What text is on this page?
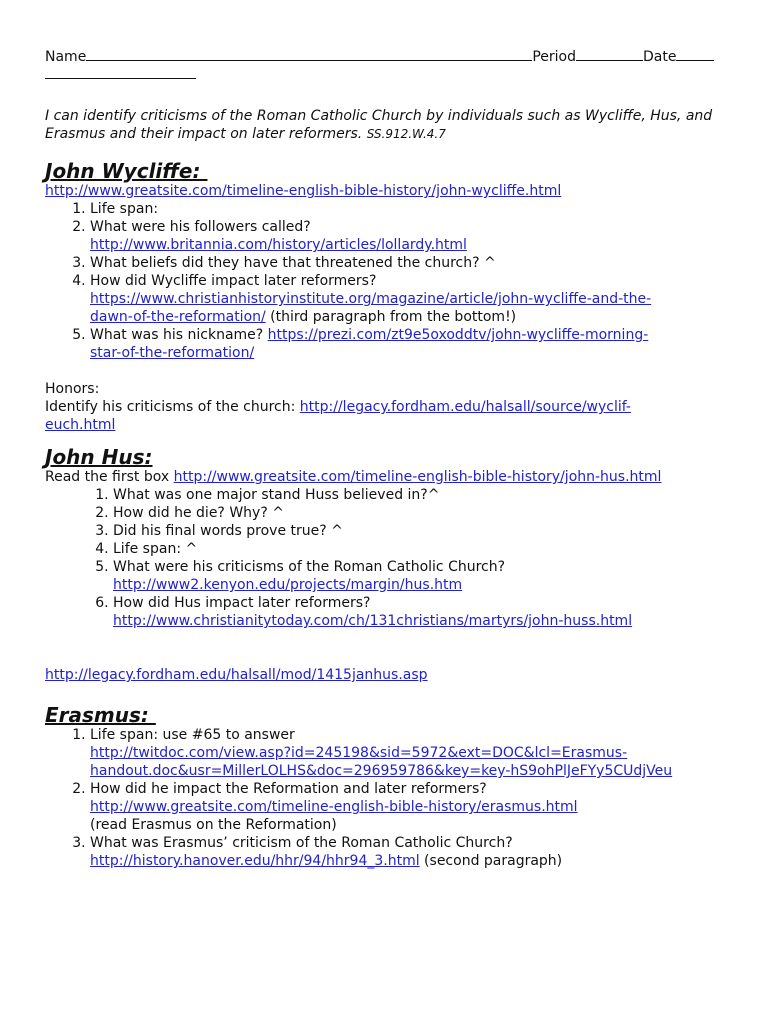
Name	Period	Date
I can identify criticisms of the Roman Catholic Church by individuals such as Wycliffe, Hus, and Erasmus and their impact on later reformers. SS.912.W.4.7
John Wycliffe:
http://www.greatsite.com/timeline-english-bible-history/john-wycliffe.html
1. Life span:
2. What were his followers called?
http://www.britannia.com/history/articles/lollardy.html
3. What beliefs did they have that threatened the church? ^
4. How did Wycliffe impact later reformers?
https://www.christianhistoryinstitute.org/magazine/article/john-wycliffe-and-the-
dawn-of-the-reformation/ (third paragraph from the bottom!)
5. What was his nickname? https://prezi.com/zt9e5oxoddtv/john-wycliffe-morning-
star-of-the-reformation/
Honors:
Identify his criticisms of the church: http://legacy.fordham.edu/halsall/source/wyclif-
euch.html
John Hus:
Read the first box http://www.greatsite.com/timeline-english-bible-history/john-hus.html
1. What was one major stand Huss believed in?^
2. How did he die? Why? ^
3. Did his final words prove true? ^
4. Life span: ^
5. What were his criticisms of the Roman Catholic Church?
http://www2.kenyon.edu/projects/margin/hus.htm
6. How did Hus impact later reformers?
http://www.christianitytoday.com/ch/131christians/martyrs/john-huss.html
http://legacy.fordham.edu/halsall/mod/1415janhus.asp
Erasmus:
1. Life span: use #65 to answer
http://twitdoc.com/view.asp?id=245198&sid=5972&ext=DOC&lcl=Erasmus-
handout.doc&usr=MillerLOLHS&doc=296959786&key=key-hS9ohPlJeFYy5CUdjVeu
2. How did he impact the Reformation and later reformers?
http://www.greatsite.com/timeline-english-bible-history/erasmus.html
(read Erasmus on the Reformation)
3. What was Erasmus’ criticism of the Roman Catholic Church?
http://history.hanover.edu/hhr/94/hhr94_3.html (second paragraph)
